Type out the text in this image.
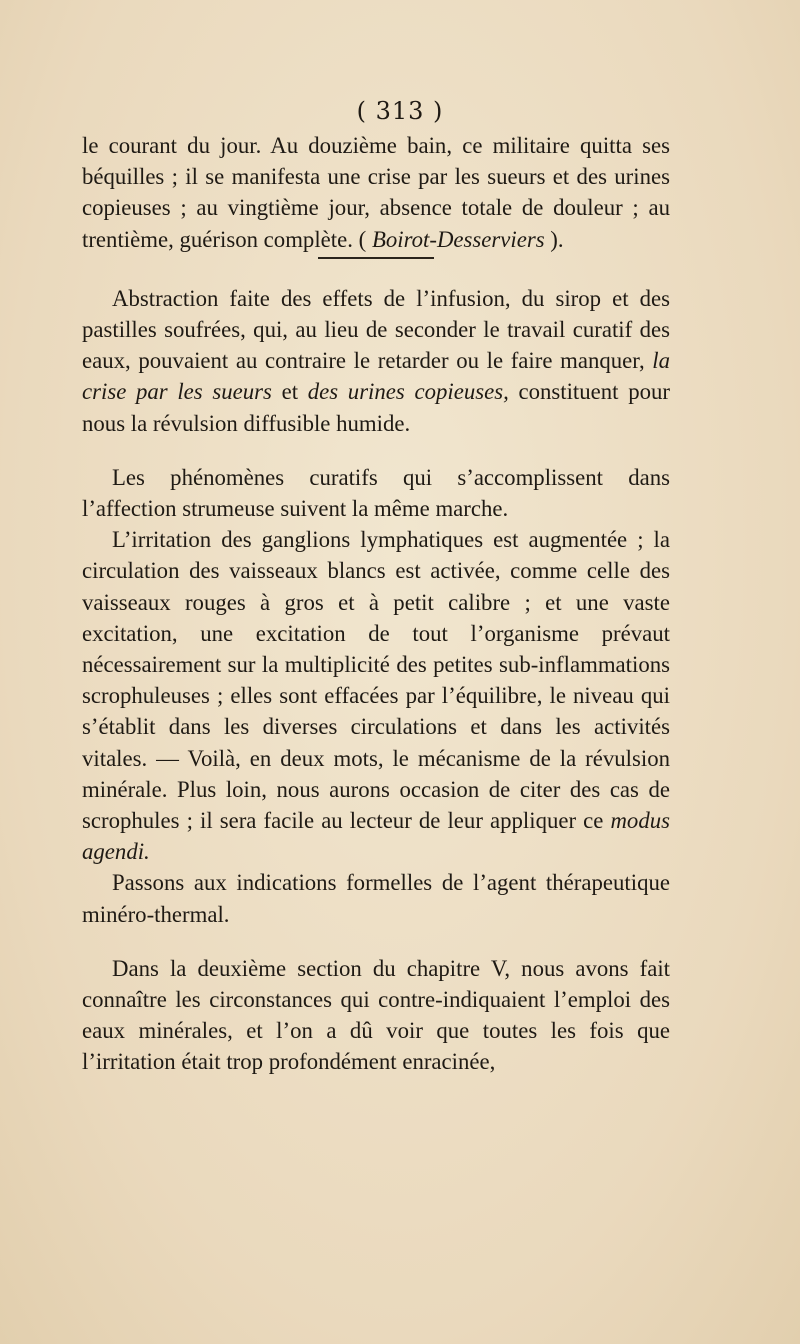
( 313 )

le courant du jour. Au douzième bain, ce militaire quitta ses béquilles ; il se manifesta une crise par les sueurs et des urines copieuses ; au vingtième jour, absence totale de douleur ; au trentième, guérison complète. ( Boirot-Desserviers ).

Abstraction faite des effets de l’infusion, du sirop et des pastilles soufrées, qui, au lieu de seconder le travail curatif des eaux, pouvaient au contraire le retarder ou le faire manquer, la crise par les sueurs et des urines copieuses, constituent pour nous la révulsion diffusible humide.

Les phénomènes curatifs qui s’accomplissent dans l’affection strumeuse suivent la même marche.

L’irritation des ganglions lymphatiques est augmentée ; la circulation des vaisseaux blancs est activée, comme celle des vaisseaux rouges à gros et à petit calibre ; et une vaste excitation, une excitation de tout l’organisme prévaut nécessairement sur la multiplicité des petites sub-inflammations scrophuleuses ; elles sont effacées par l’équilibre, le niveau qui s’établit dans les diverses circulations et dans les activités vitales. — Voilà, en deux mots, le mécanisme de la révulsion minérale. Plus loin, nous aurons occasion de citer des cas de scrophules ; il sera facile au lecteur de leur appliquer ce modus agendi.

Passons aux indications formelles de l’agent thérapeutique minéro-thermal.

Dans la deuxième section du chapitre V, nous avons fait connaître les circonstances qui contre-indiquaient l’emploi des eaux minérales, et l’on a dû voir que toutes les fois que l’irritation était trop profondément enracinée,
